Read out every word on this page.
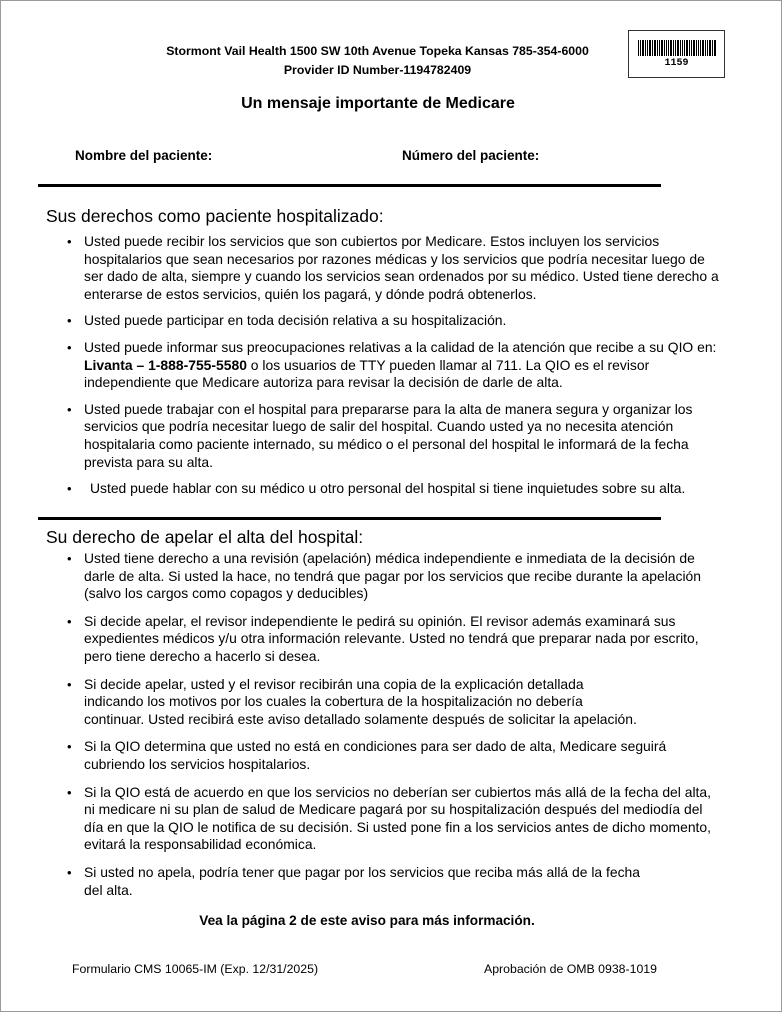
Stormont Vail Health 1500 SW 10th Avenue Topeka Kansas 785-354-6000
Provider ID Number-1194782409	1159
Un mensaje importante de Medicare
Nombre del paciente:	Número del paciente:
Sus derechos como paciente hospitalizado:
• Usted puede recibir los servicios que son cubiertos por Medicare. Estos incluyen los servicios hospitalarios que sean necesarios por razones médicas y los servicios que podría necesitar luego de ser dado de alta, siempre y cuando los servicios sean ordenados por su médico. Usted tiene derecho a enterarse de estos servicios, quién los pagará, y dónde podrá obtenerlos.
• Usted puede participar en toda decisión relativa a su hospitalización.
• Usted puede informar sus preocupaciones relativas a la calidad de la atención que recibe a su QIO en: Livanta – 1-888-755-5580 o los usuarios de TTY pueden llamar al 711. La QIO es el revisor independiente que Medicare autoriza para revisar la decisión de darle de alta.
• Usted puede trabajar con el hospital para prepararse para la alta de manera segura y organizar los servicios que podría necesitar luego de salir del hospital. Cuando usted ya no necesita atención hospitalaria como paciente internado, su médico o el personal del hospital le informará de la fecha prevista para su alta.
• Usted puede hablar con su médico u otro personal del hospital si tiene inquietudes sobre su alta.
Su derecho de apelar el alta del hospital:
• Usted tiene derecho a una revisión (apelación) médica independiente e inmediata de la decisión de darle de alta. Si usted la hace, no tendrá que pagar por los servicios que recibe durante la apelación (salvo los cargos como copagos y deducibles)
• Si decide apelar, el revisor independiente le pedirá su opinión. El revisor además examinará sus expedientes médicos y/u otra información relevante. Usted no tendrá que preparar nada por escrito, pero tiene derecho a hacerlo si desea.
• Si decide apelar, usted y el revisor recibirán una copia de la explicación detallada indicando los motivos por los cuales la cobertura de la hospitalización no debería continuar. Usted recibirá este aviso detallado solamente después de solicitar la apelación.
• Si la QIO determina que usted no está en condiciones para ser dado de alta, Medicare seguirá cubriendo los servicios hospitalarios.
• Si la QIO está de acuerdo en que los servicios no deberían ser cubiertos más allá de la fecha del alta, ni medicare ni su plan de salud de Medicare pagará por su hospitalización después del mediodía del día en que la QIO le notifica de su decisión. Si usted pone fin a los servicios antes de dicho momento, evitará la responsabilidad económica.
• Si usted no apela, podría tener que pagar por los servicios que reciba más allá de la fecha del alta.
Vea la página 2 de este aviso para más información.
Formulario CMS 10065-IM (Exp. 12/31/2025)	Aprobación de OMB 0938-1019
